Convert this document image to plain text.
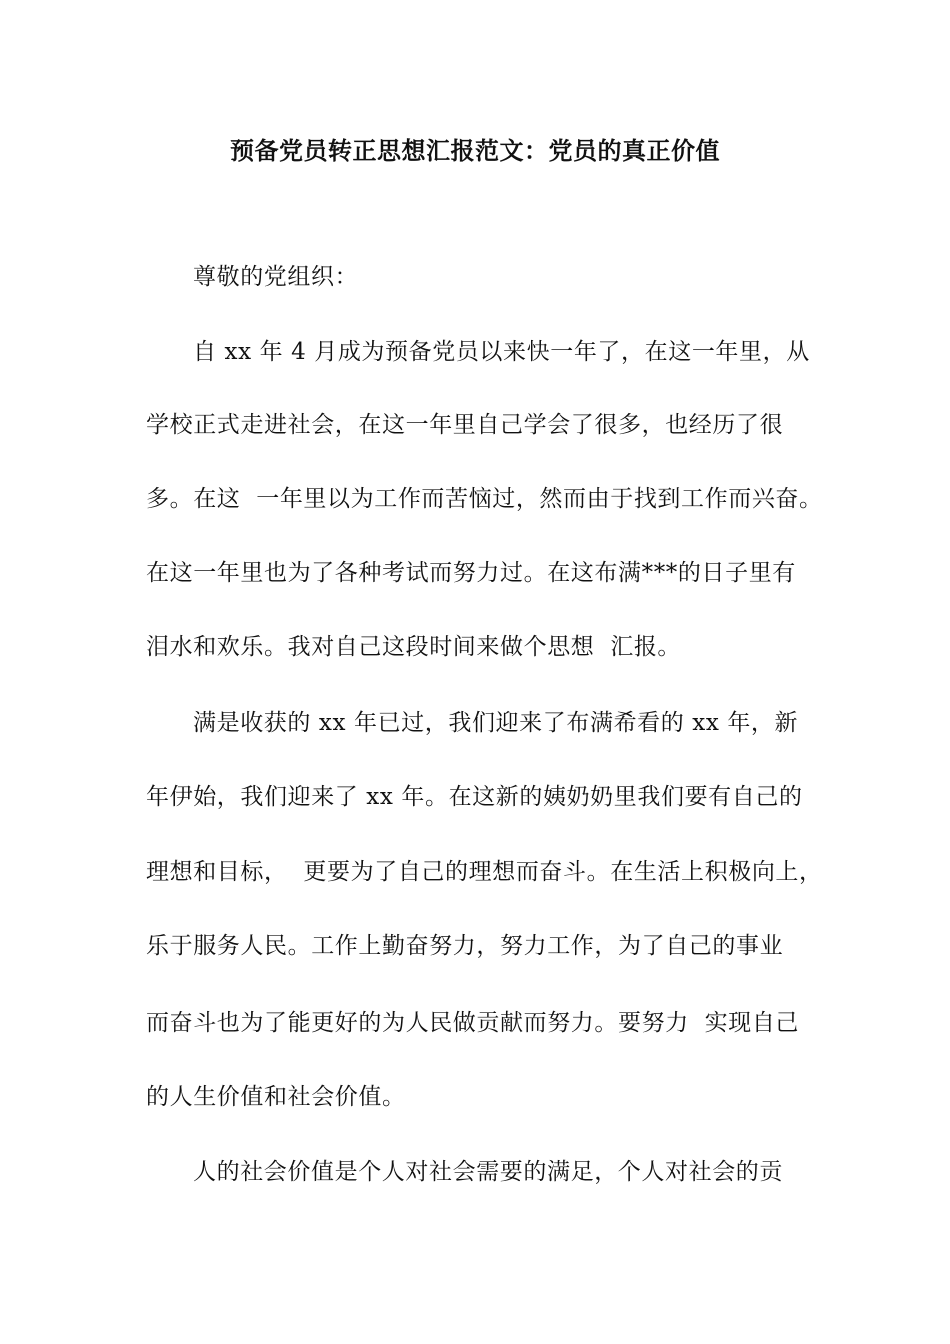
预备党员转正思想汇报范文：党员的真正价值
尊敬的党组织：
自 xx 年 4 月成为预备党员以来快一年了，在这一年里，从
学校正式走进社会，在这一年里自己学会了很多，也经历了很
多。在这  一年里以为工作而苦恼过，然而由于找到工作而兴奋。
在这一年里也为了各种考试而努力过。在这布满***的日子里有
泪水和欢乐。我对自己这段时间来做个思想  汇报。
满是收获的 xx 年已过，我们迎来了布满希看的 xx 年，新
年伊始，我们迎来了 xx 年。在这新的姨奶奶里我们要有自己的
理想和目标，  更要为了自己的理想而奋斗。在生活上积极向上，
乐于服务人民。工作上勤奋努力，努力工作，为了自己的事业
而奋斗也为了能更好的为人民做贡献而努力。要努力  实现自己
的人生价值和社会价值。
人的社会价值是个人对社会需要的满足，个人对社会的贡
